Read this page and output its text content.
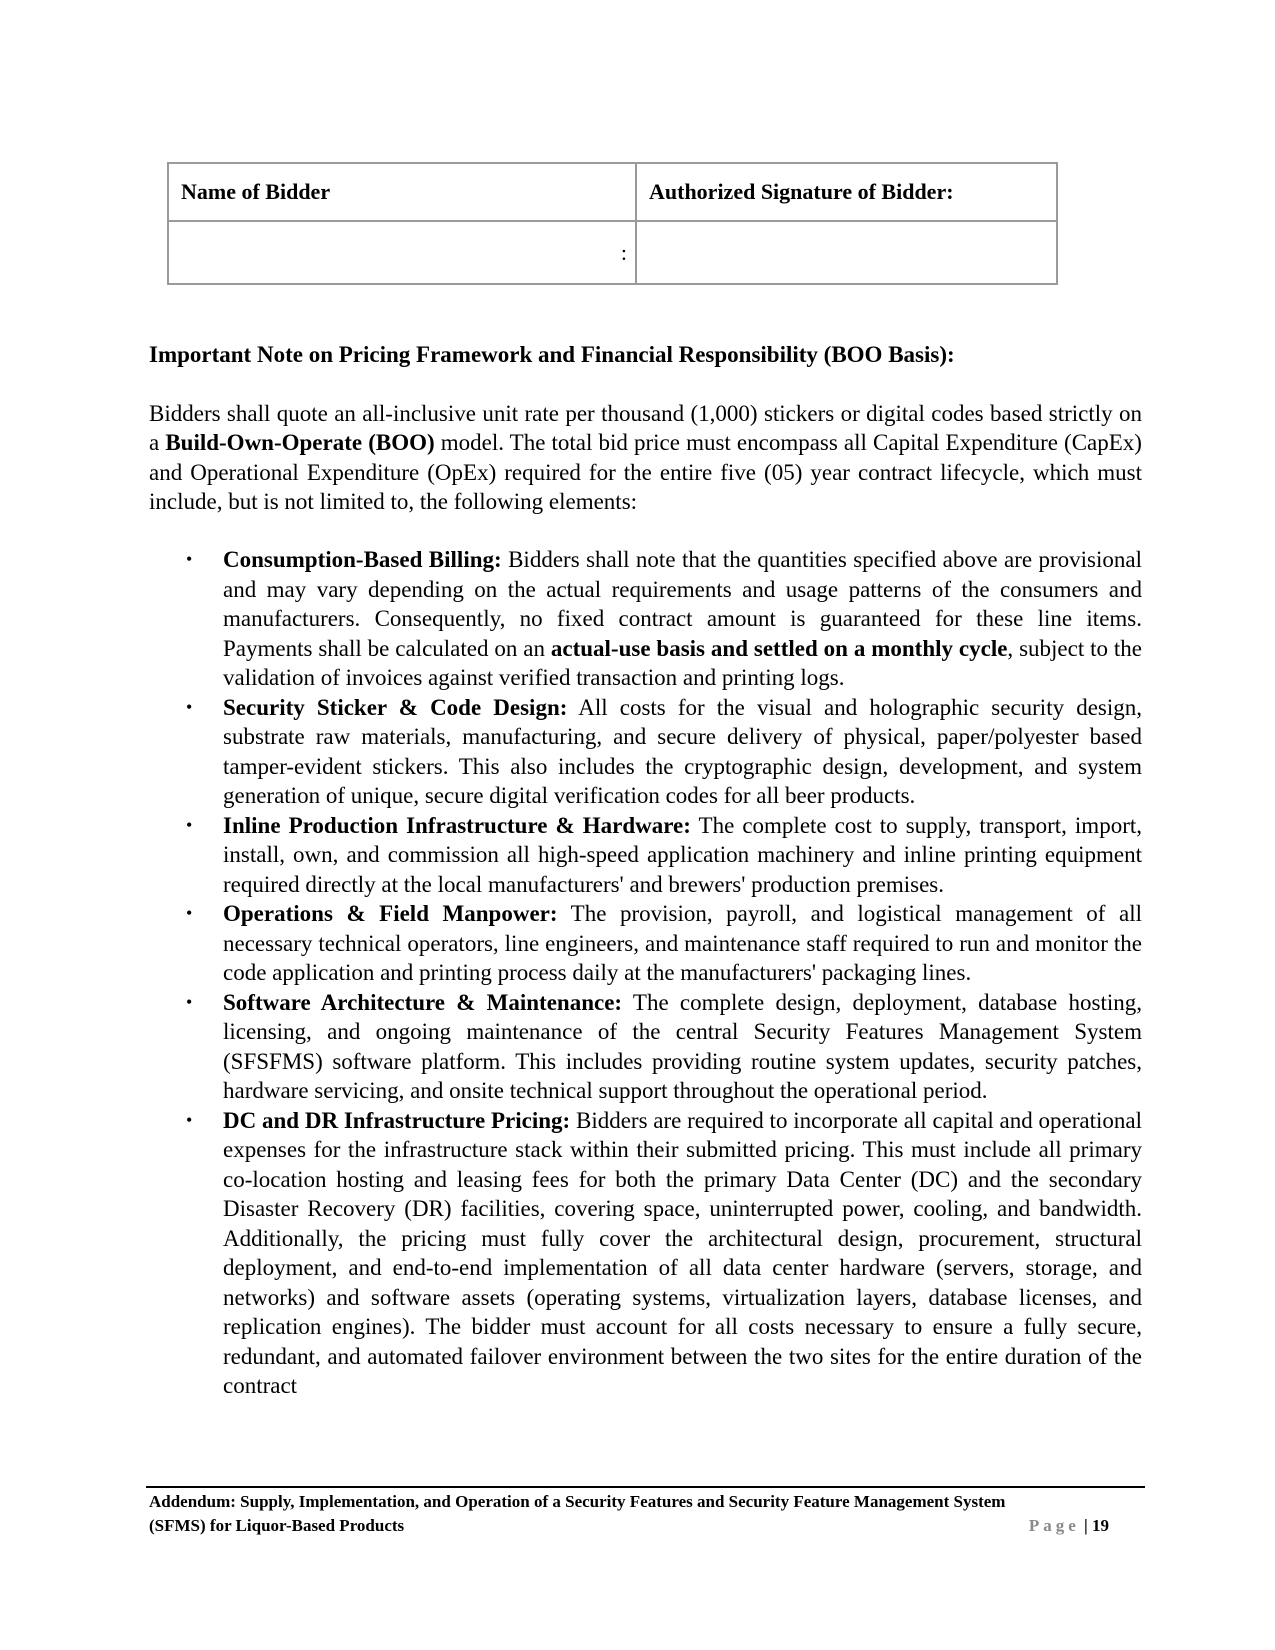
Name of Bidder	Authorized Signature of Bidder:
:	
Important Note on Pricing Framework and Financial Responsibility (BOO Basis):

Bidders shall quote an all-inclusive unit rate per thousand (1,000) stickers or digital codes based strictly on a Build-Own-Operate (BOO) model. The total bid price must encompass all Capital Expenditure (CapEx) and Operational Expenditure (OpEx) required for the entire five (05) year contract lifecycle, which must include, but is not limited to, the following elements:

• Consumption-Based Billing: Bidders shall note that the quantities specified above are provisional and may vary depending on the actual requirements and usage patterns of the consumers and manufacturers. Consequently, no fixed contract amount is guaranteed for these line items. Payments shall be calculated on an actual-use basis and settled on a monthly cycle, subject to the validation of invoices against verified transaction and printing logs.
• Security Sticker & Code Design: All costs for the visual and holographic security design, substrate raw materials, manufacturing, and secure delivery of physical, paper/polyester based tamper-evident stickers. This also includes the cryptographic design, development, and system generation of unique, secure digital verification codes for all beer products.
• Inline Production Infrastructure & Hardware: The complete cost to supply, transport, import, install, own, and commission all high-speed application machinery and inline printing equipment required directly at the local manufacturers' and brewers' production premises.
• Operations & Field Manpower: The provision, payroll, and logistical management of all necessary technical operators, line engineers, and maintenance staff required to run and monitor the code application and printing process daily at the manufacturers' packaging lines.
• Software Architecture & Maintenance: The complete design, deployment, database hosting, licensing, and ongoing maintenance of the central Security Features Management System (SFSFMS) software platform. This includes providing routine system updates, security patches, hardware servicing, and onsite technical support throughout the operational period.
• DC and DR Infrastructure Pricing: Bidders are required to incorporate all capital and operational expenses for the infrastructure stack within their submitted pricing. This must include all primary co-location hosting and leasing fees for both the primary Data Center (DC) and the secondary Disaster Recovery (DR) facilities, covering space, uninterrupted power, cooling, and bandwidth. Additionally, the pricing must fully cover the architectural design, procurement, structural deployment, and end-to-end implementation of all data center hardware (servers, storage, and networks) and software assets (operating systems, virtualization layers, database licenses, and replication engines). The bidder must account for all costs necessary to ensure a fully secure, redundant, and automated failover environment between the two sites for the entire duration of the contract
Addendum: Supply, Implementation, and Operation of a Security Features and Security Feature Management System
(SFMS) for Liquor-Based Products	Page | 19
